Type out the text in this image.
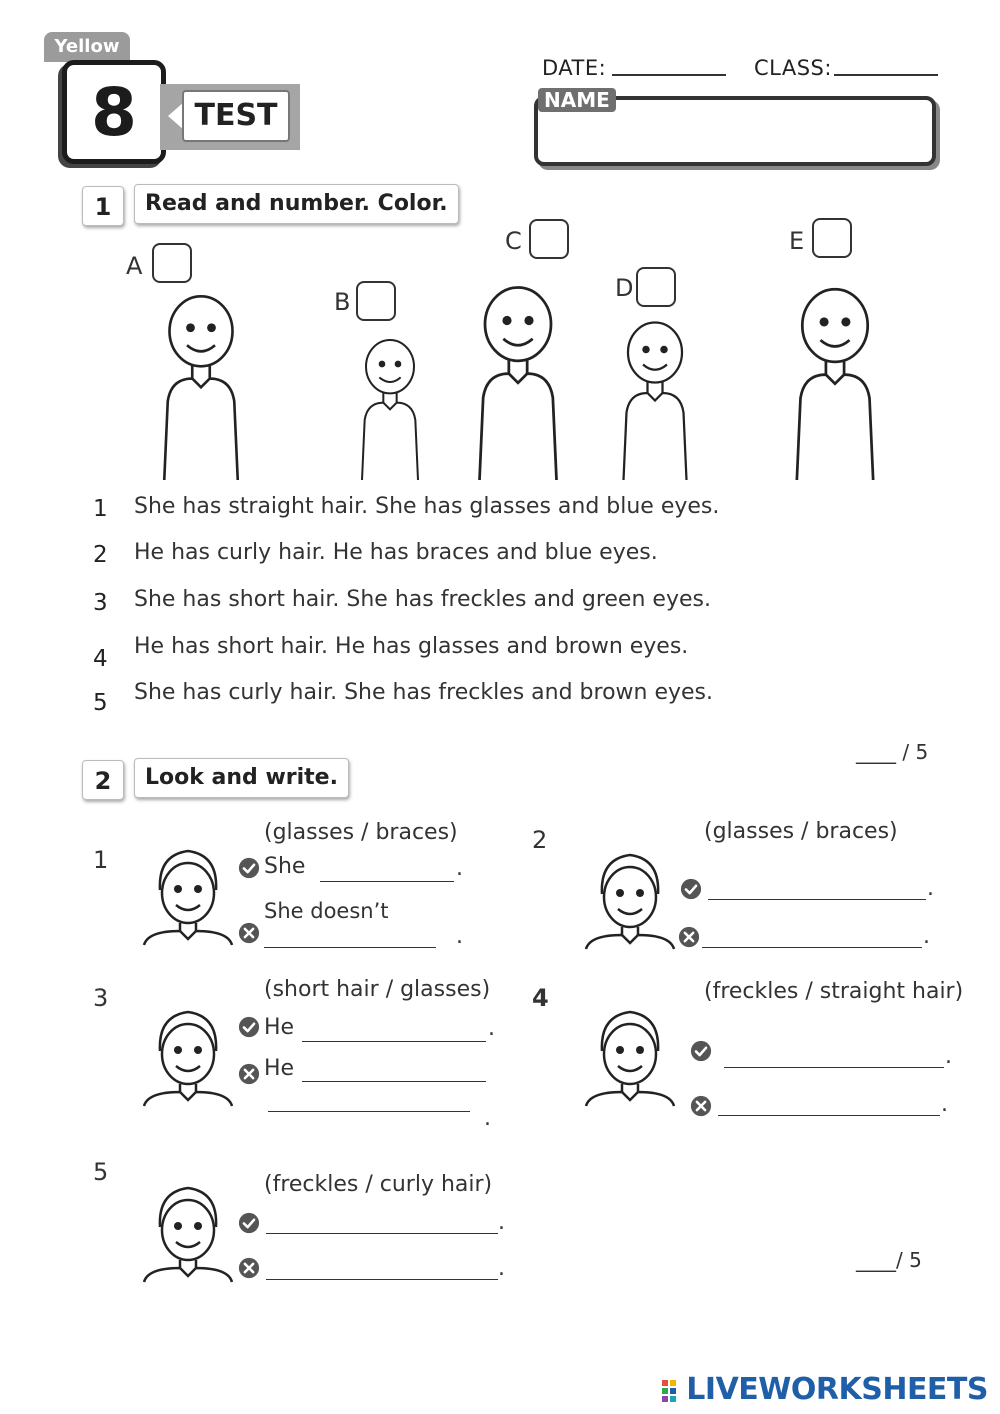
Yellow
8	TEST
DATE:	CLASS:
NAME
1	Read and number. Color.
A
B
C
D
E
1 She has straight hair. She has glasses and blue eyes.
2 He has curly hair. He has braces and blue eyes.
3 She has short hair. She has freckles and green eyes.
4 He has short hair. He has glasses and brown eyes.
5 She has curly hair. She has freckles and brown eyes.
____ / 5
2	Look and write.
1
(glasses / braces)
She	.
She doesn’t
.
2	(glasses / braces)
.
.
3	(short hair / glasses)
He	.
He
.
4	(freckles / straight hair)
.
.
5	(freckles / curly hair)
.
.	____/ 5
LIVEWORKSHEETS
